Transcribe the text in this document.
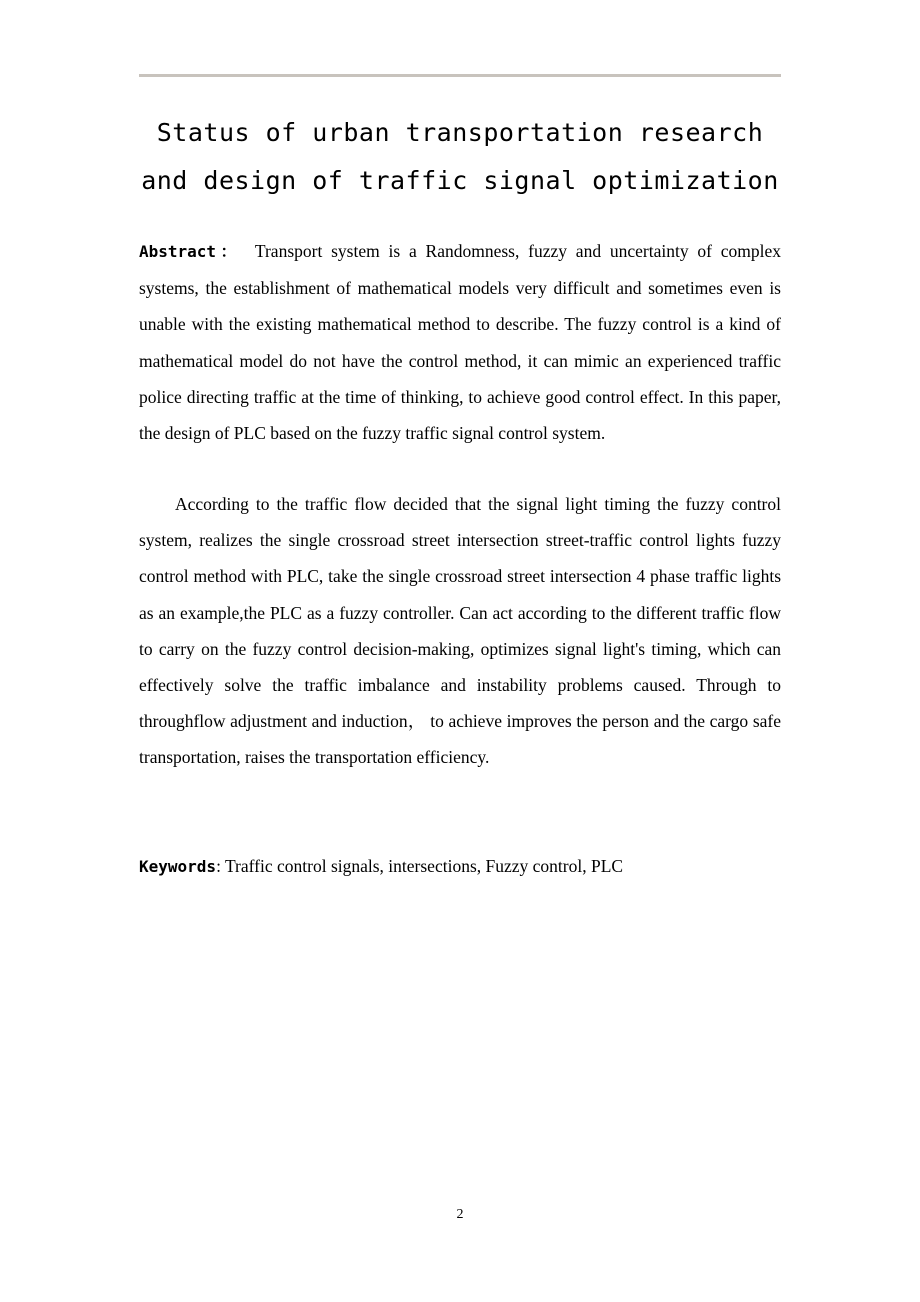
Status of urban transportation research
and design of traffic signal optimization
Abstract： Transport system is a Randomness, fuzzy and uncertainty of complex systems, the establishment of mathematical models very difficult and sometimes even is unable with the existing mathematical method to describe. The fuzzy control is a kind of mathematical model do not have the control method, it can mimic an experienced traffic police directing traffic at the time of thinking, to achieve good control effect. In this paper, the design of PLC based on the fuzzy traffic signal control system.
According to the traffic flow decided that the signal light timing the fuzzy control system, realizes the single crossroad street intersection street-traffic control lights fuzzy control method with PLC, take the single crossroad street intersection 4 phase traffic lights as an example,the PLC as a fuzzy controller. Can act according to the different traffic flow to carry on the fuzzy control decision-making, optimizes signal light's timing, which can effectively solve the traffic imbalance and instability problems caused. Through to throughflow adjustment and induction， to achieve improves the person and the cargo safe transportation, raises the transportation efficiency.
Keywords: Traffic control signals, intersections, Fuzzy control, PLC
2
